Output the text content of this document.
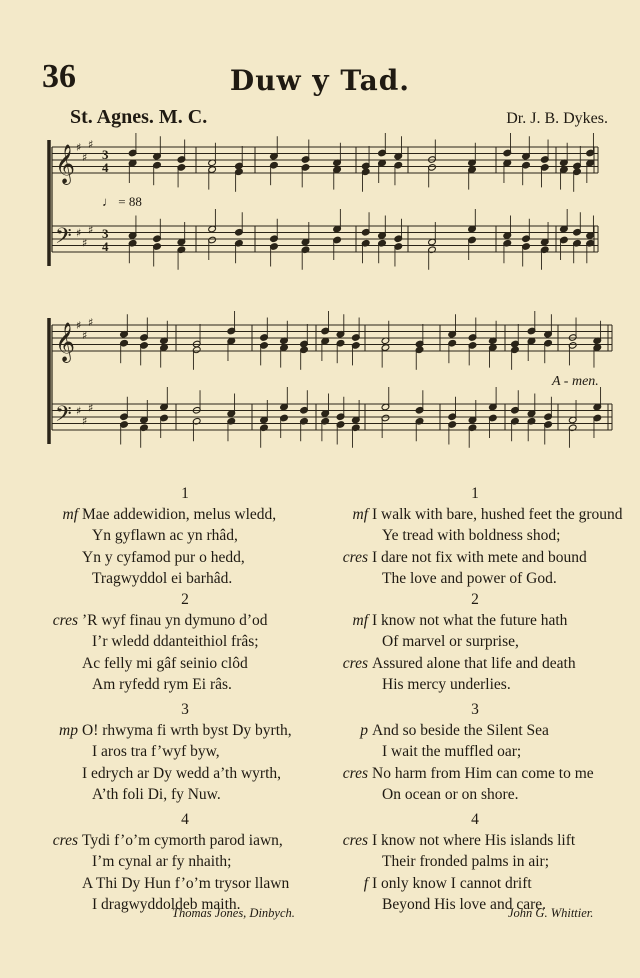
36	Duw y Tad.
St. Agnes. M. C.	Dr. J. B. Dykes.
𝄞
𝄢
♯
♯
♯
♯
♯
♯
3
4
3
4
𝄞
𝄢
♯
♯
♯
♯
♯
♯
♩ = 88
A - men.
1
mf Mae addewidion, melus wledd,
Yn gyflawn ac yn rhâd,
Yn y cyfamod pur o hedd,
Tragwyddol ei barhâd.
2
cres ’R wyf finau yn dymuno d’od
I’r wledd ddanteithiol frâs;
Ac felly mi gâf seinio clôd
Am ryfedd rym Ei râs.
3
mp O! rhwyma fi wrth byst Dy byrth,
I aros tra f’wyf byw,
I edrych ar Dy wedd a’th wyrth,
A’th foli Di, fy Nuw.
4
cres Tydi f’o’m cymorth parod iawn,
I’m cynal ar fy nhaith;
A Thi Dy Hun f’o’m trysor llawn
I dragwyddoldeb maith.
1
mf I walk with bare, hushed feet the ground
Ye tread with boldness shod;
cres I dare not fix with mete and bound
The love and power of God.
2
mf I know not what the future hath
Of marvel or surprise,
cres Assured alone that life and death
His mercy underlies.
3
p And so beside the Silent Sea
I wait the muffled oar;
cres No harm from Him can come to me
On ocean or on shore.
4
cres I know not where His islands lift
Their fronded palms in air;
f I only know I cannot drift
Beyond His love and care.
Thomas Jones, Dinbych.	John G. Whittier.
